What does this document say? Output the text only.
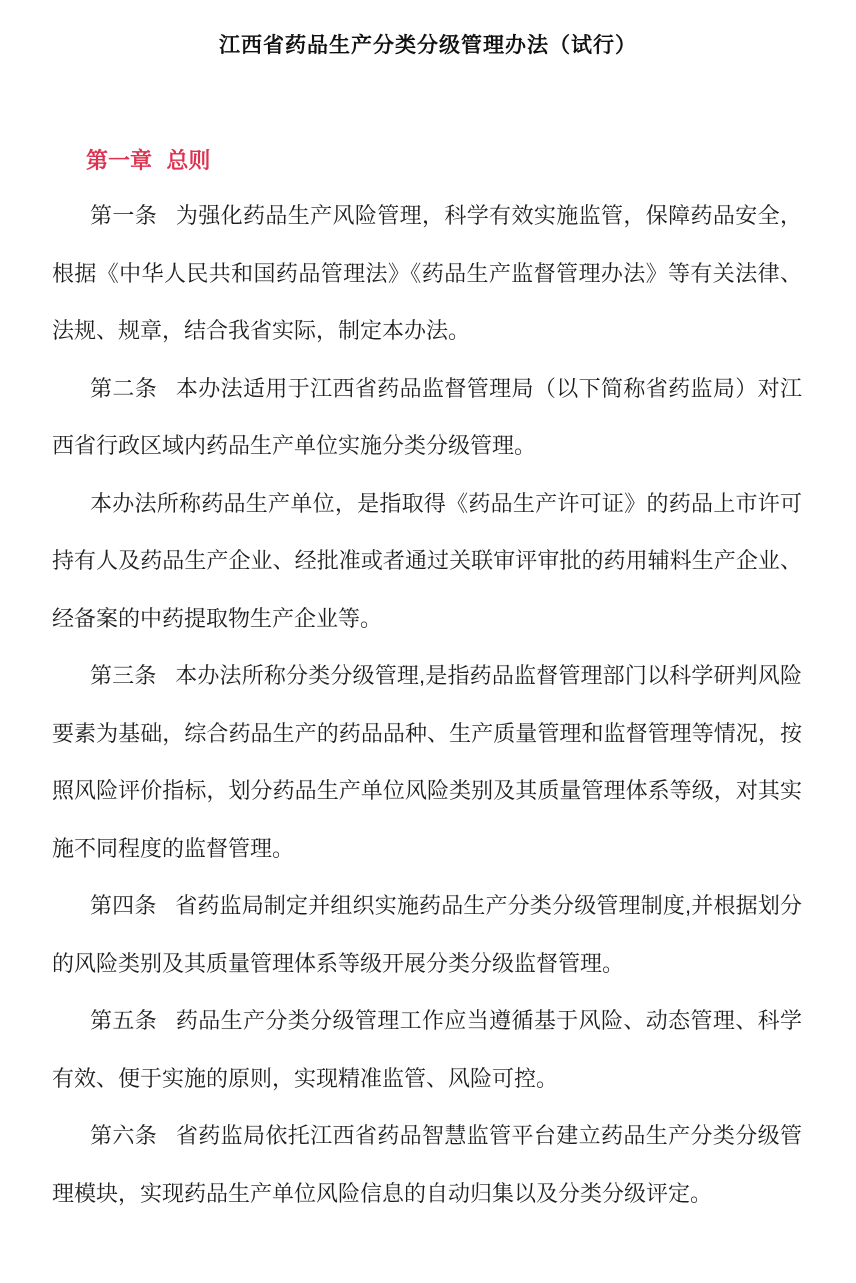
江西省药品生产分类分级管理办法（试行）
第一章 总则

第一条 为强化药品生产风险管理，科学有效实施监管，保障药品安全，根据《中华人民共和国药品管理法》《药品生产监督管理办法》等有关法律、法规、规章，结合我省实际，制定本办法。

第二条 本办法适用于江西省药品监督管理局（以下简称省药监局）对江西省行政区域内药品生产单位实施分类分级管理。

本办法所称药品生产单位，是指取得《药品生产许可证》的药品上市许可持有人及药品生产企业、经批准或者通过关联审评审批的药用辅料生产企业、经备案的中药提取物生产企业等。

第三条 本办法所称分类分级管理,是指药品监督管理部门以科学研判风险要素为基础，综合药品生产的药品品种、生产质量管理和监督管理等情况，按照风险评价指标，划分药品生产单位风险类别及其质量管理体系等级，对其实施不同程度的监督管理。

第四条 省药监局制定并组织实施药品生产分类分级管理制度,并根据划分的风险类别及其质量管理体系等级开展分类分级监督管理。

第五条 药品生产分类分级管理工作应当遵循基于风险、动态管理、科学有效、便于实施的原则，实现精准监管、风险可控。

第六条 省药监局依托江西省药品智慧监管平台建立药品生产分类分级管理模块，实现药品生产单位风险信息的自动归集以及分类分级评定。
